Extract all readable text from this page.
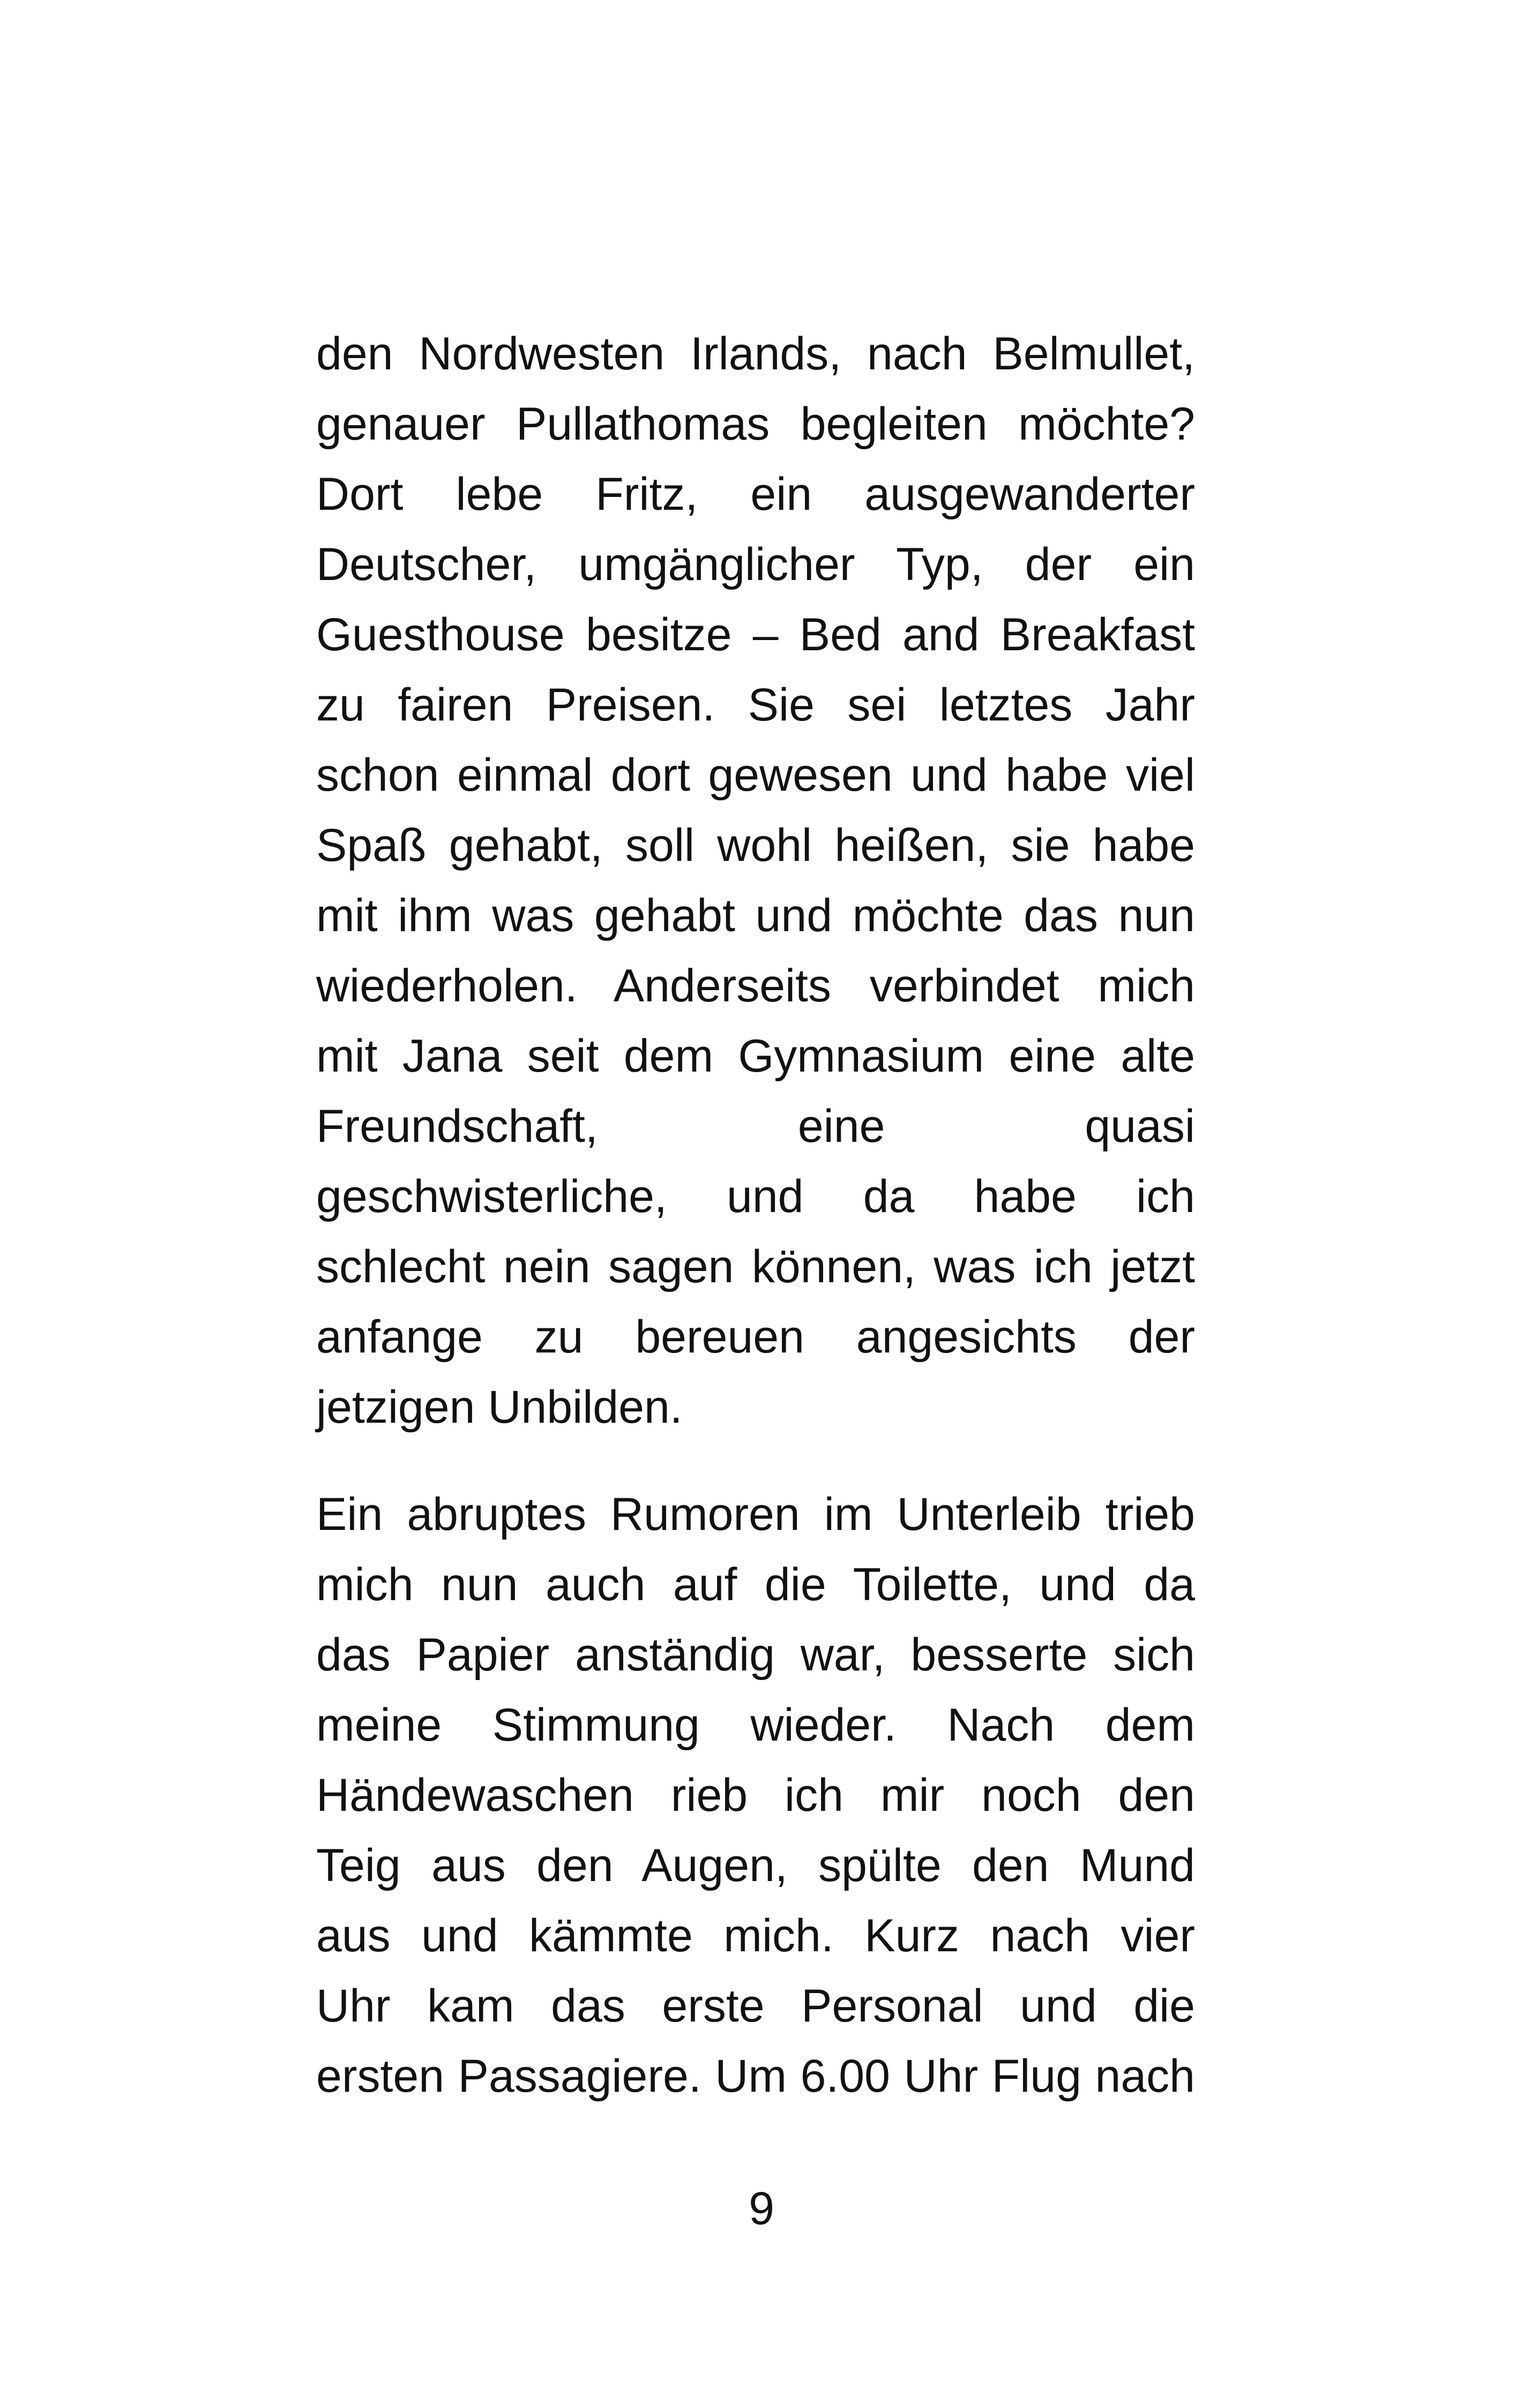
den Nordwesten Irlands, nach Belmullet,
genauer Pullathomas begleiten möchte?
Dort lebe Fritz, ein ausgewanderter
Deutscher, umgänglicher Typ, der ein
Guesthouse besitze – Bed and Breakfast
zu fairen Preisen. Sie sei letztes Jahr
schon einmal dort gewesen und habe viel
Spaß gehabt, soll wohl heißen, sie habe
mit ihm was gehabt und möchte das nun
wiederholen. Anderseits verbindet mich
mit Jana seit dem Gymnasium eine alte
Freundschaft, eine quasi
geschwisterliche, und da habe ich
schlecht nein sagen können, was ich jetzt
anfange zu bereuen angesichts der
jetzigen Unbilden.
Ein abruptes Rumoren im Unterleib trieb
mich nun auch auf die Toilette, und da
das Papier anständig war, besserte sich
meine Stimmung wieder. Nach dem
Händewaschen rieb ich mir noch den
Teig aus den Augen, spülte den Mund
aus und kämmte mich. Kurz nach vier
Uhr kam das erste Personal und die
ersten Passagiere. Um 6.00 Uhr Flug nach
9
